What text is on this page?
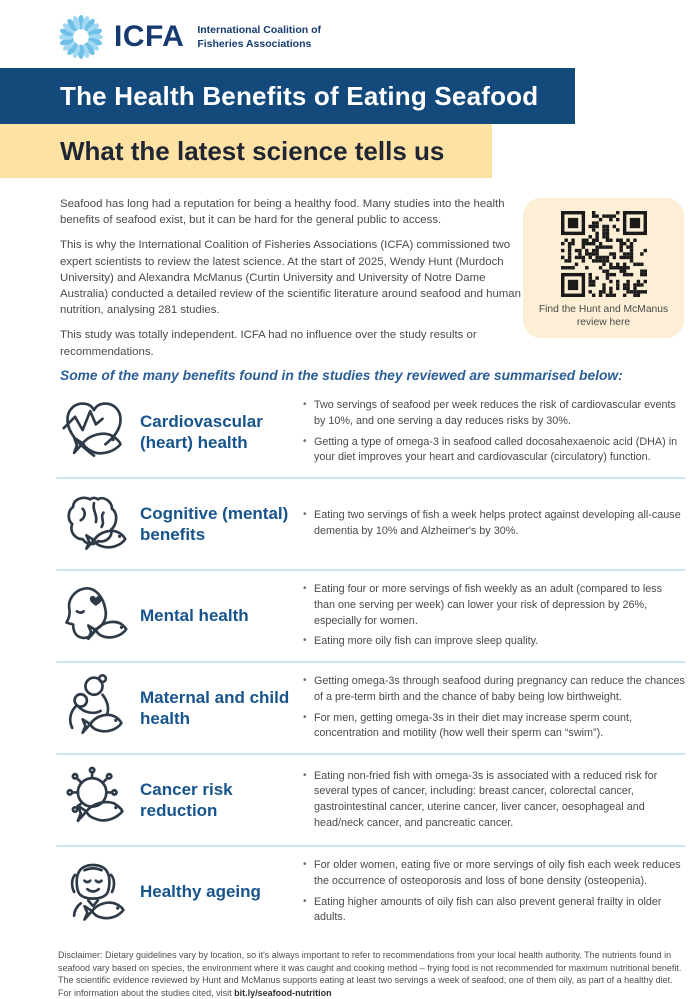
ICFA International Coalition of
Fisheries Associations
The Health Benefits of Eating Seafood
What the latest science tells us

Seafood has long had a reputation for being a healthy food. Many studies into the health benefits of seafood exist, but it can be hard for the general public to access.

This is why the International Coalition of Fisheries Associations (ICFA) commissioned two expert scientists to review the latest science. At the start of 2025, Wendy Hunt (Murdoch University) and Alexandra McManus (Curtin University and University of Notre Dame Australia) conducted a detailed review of the scientific literature around seafood and human nutrition, analysing 281 studies.

This study was totally independent. ICFA had no influence over the study results or recommendations.

Find the Hunt and McManus review here
Some of the many benefits found in the studies they reviewed are summarised below:
Cardiovascular (heart) health
• Two servings of seafood per week reduces the risk of cardiovascular events by 10%, and one serving a day reduces risks by 30%.
• Getting a type of omega-3 in seafood called docosahexaenoic acid (DHA) in your diet improves your heart and cardiovascular (circulatory) function.
Cognitive (mental) benefits
• Eating two servings of fish a week helps protect against developing all-cause dementia by 10% and Alzheimer's by 30%.
Mental health
• Eating four or more servings of fish weekly as an adult (compared to less than one serving per week) can lower your risk of depression by 26%, especially for women.
• Eating more oily fish can improve sleep quality.
Maternal and child health
• Getting omega-3s through seafood during pregnancy can reduce the chances of a pre-term birth and the chance of baby being low birthweight.
• For men, getting omega-3s in their diet may increase sperm count, concentration and motility (how well their sperm can “swim”).
Cancer risk reduction
• Eating non-fried fish with omega-3s is associated with a reduced risk for several types of cancer, including: breast cancer, colorectal cancer, gastrointestinal cancer, uterine cancer, liver cancer, oesophageal and head/neck cancer, and pancreatic cancer.
Healthy ageing
• For older women, eating five or more servings of oily fish each week reduces the occurrence of osteoporosis and loss of bone density (osteopenia).
• Eating higher amounts of oily fish can also prevent general frailty in older adults.
Disclaimer: Dietary guidelines vary by location, so it's always important to refer to recommendations from your local health authority. The nutrients found in seafood vary based on species, the environment where it was caught and cooking method – frying food is not recommended for maximum nutritional benefit. The scientific evidence reviewed by Hunt and McManus supports eating at least two servings a week of seafood, one of them oily, as part of a healthy diet. For information about the studies cited, visit bit.ly/seafood-nutrition
